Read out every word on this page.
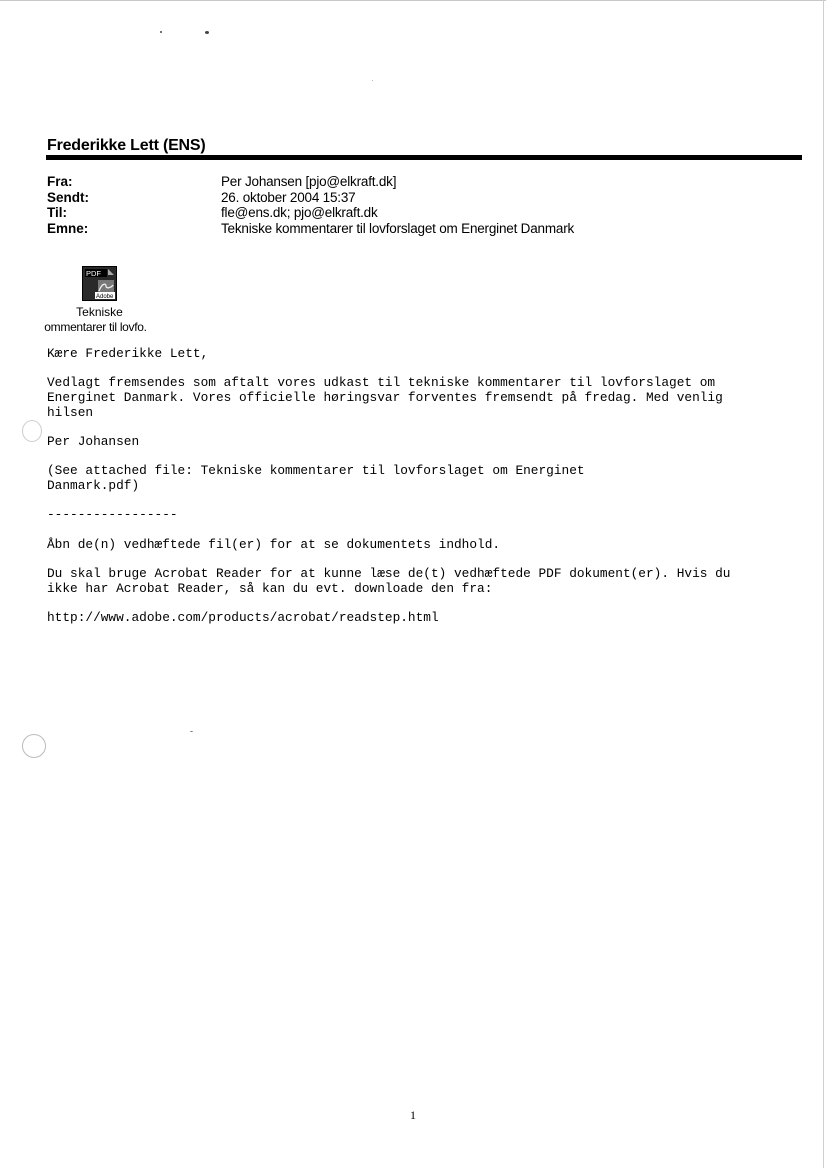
Frederikke Lett (ENS)
Fra:	Per Johansen [pjo@elkraft.dk]
Sendt:	26. oktober 2004 15:37
Til:	fle@ens.dk; pjo@elkraft.dk
Emne:	Tekniske kommentarer til lovforslaget om Energinet Danmark
PDF
Adobe
Tekniske
ommentarer til lovfo.
Kære Frederikke Lett,
Vedlagt fremsendes som aftalt vores udkast til tekniske kommentarer til lovforslaget om
Energinet Danmark. Vores officielle høringsvar forventes fremsendt på fredag. Med venlig
hilsen
Per Johansen
(See attached file: Tekniske kommentarer til lovforslaget om Energinet
Danmark.pdf)
-----------------
Åbn de(n) vedhæftede fil(er) for at se dokumentets indhold.
Du skal bruge Acrobat Reader for at kunne læse de(t) vedhæftede PDF dokument(er). Hvis du
ikke har Acrobat Reader, så kan du evt. downloade den fra:
http://www.adobe.com/products/acrobat/readstep.html
1
